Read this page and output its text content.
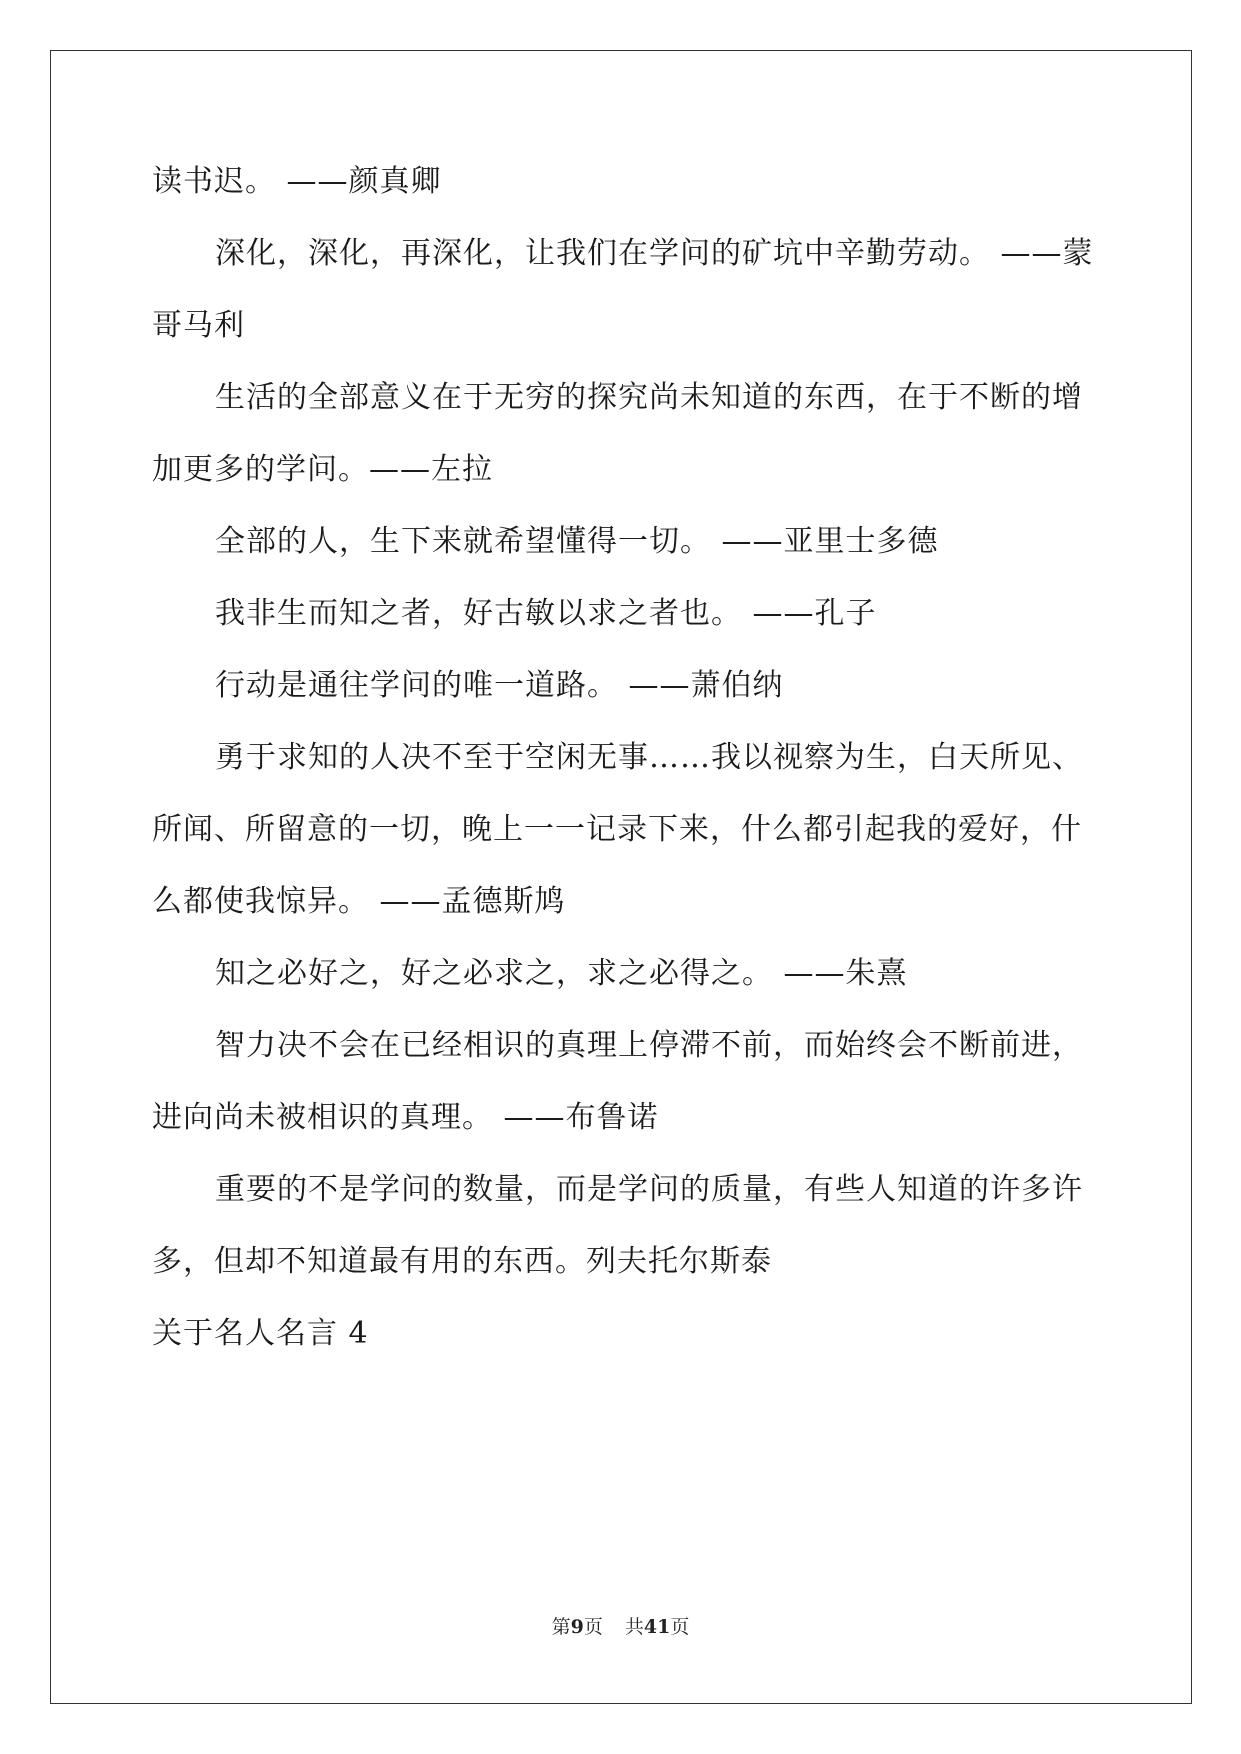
读书迟。 ——颜真卿
深化，深化，再深化，让我们在学问的矿坑中辛勤劳动。 ——蒙
哥马利
生活的全部意义在于无穷的探究尚未知道的东西，在于不断的增
加更多的学问。——左拉
全部的人，生下来就希望懂得一切。 ——亚里士多德
我非生而知之者，好古敏以求之者也。 ——孔子
行动是通往学问的唯一道路。 ——萧伯纳
勇于求知的人决不至于空闲无事……我以视察为生，白天所见、
所闻、所留意的一切，晚上一一记录下来，什么都引起我的爱好，什
么都使我惊异。 ——孟德斯鸠
知之必好之，好之必求之，求之必得之。 ——朱熹
智力决不会在已经相识的真理上停滞不前，而始终会不断前进，
进向尚未被相识的真理。 ——布鲁诺
重要的不是学问的数量，而是学问的质量，有些人知道的许多许
多，但却不知道最有用的东西。列夫托尔斯泰
关于名人名言 4
第9页 共41页
